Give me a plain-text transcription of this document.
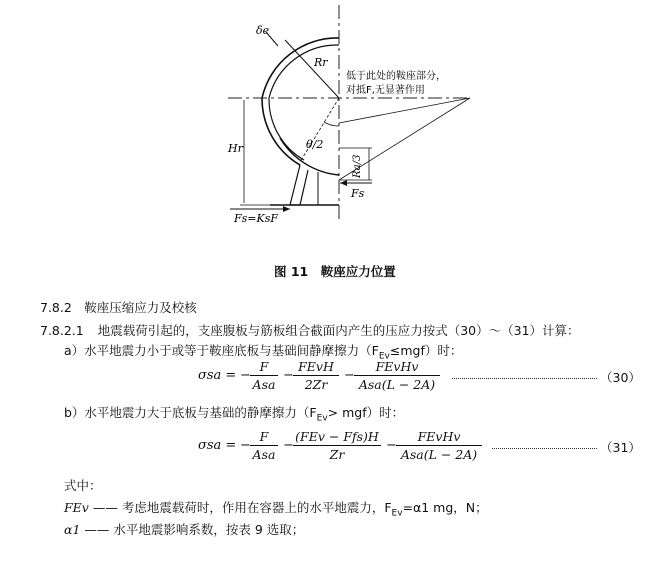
δe
Rr
θ/2
Hr
Ra/3
Fs
Fs=KsF
低于此处的鞍座部分，
对抵F,无显著作用
图 11　鞍座应力位置
7.8.2　鞍座压缩应力及校核
7.8.2.1 地震载荷引起的，支座腹板与筋板组合截面内产生的压应力按式（30）～（31）计算：
a）水平地震力小于或等于鞍座底板与基础间静摩擦力$(F_{Ev}\le mgf)$时：
σsa = −
F
Asa
−
FEvH
2Zr
−
FEvHv
Asa(L − 2A)	（30）
b）水平地震力大于底板与基础的静摩擦力$(F_{Ev}> mgf)$时：
σsa = −
F
Asa
−
(FEv − Ffs)H
Zr
−
FEvHv
Asa(L − 2A)	（31）
式中：
FEv —— 考虑地震载荷时，作用在容器上的水平地震力，$F_{Ev}=\alpha 1$ mg，N；
α1 —— 水平地震影响系数，按表 9 选取；
